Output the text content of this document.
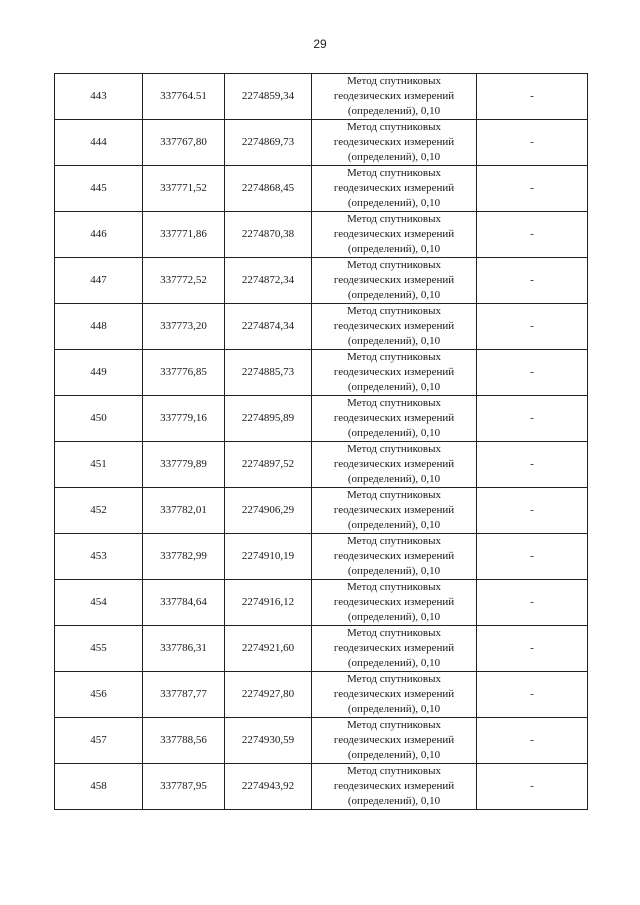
29
443	337764.51	2274859,34	Метод спутниковых
геодезических измерений
(определений), 0,10	-
444	337767,80	2274869,73	Метод спутниковых
геодезических измерений
(определений), 0,10	-
445	337771,52	2274868,45	Метод спутниковых
геодезических измерений
(определений), 0,10	-
446	337771,86	2274870,38	Метод спутниковых
геодезических измерений
(определений), 0,10	-
447	337772,52	2274872,34	Метод спутниковых
геодезических измерений
(определений), 0,10	-
448	337773,20	2274874,34	Метод спутниковых
геодезических измерений
(определений), 0,10	-
449	337776,85	2274885,73	Метод спутниковых
геодезических измерений
(определений), 0,10	-
450	337779,16	2274895,89	Метод спутниковых
геодезических измерений
(определений), 0,10	-
451	337779,89	2274897,52	Метод спутниковых
геодезических измерений
(определений), 0,10	-
452	337782,01	2274906,29	Метод спутниковых
геодезических измерений
(определений), 0,10	-
453	337782,99	2274910,19	Метод спутниковых
геодезических измерений
(определений), 0,10	-
454	337784,64	2274916,12	Метод спутниковых
геодезических измерений
(определений), 0,10	-
455	337786,31	2274921,60	Метод спутниковых
геодезических измерений
(определений), 0,10	-
456	337787,77	2274927,80	Метод спутниковых
геодезических измерений
(определений), 0,10	-
457	337788,56	2274930,59	Метод спутниковых
геодезических измерений
(определений), 0,10	-
458	337787,95	2274943,92	Метод спутниковых
геодезических измерений
(определений), 0,10	-
